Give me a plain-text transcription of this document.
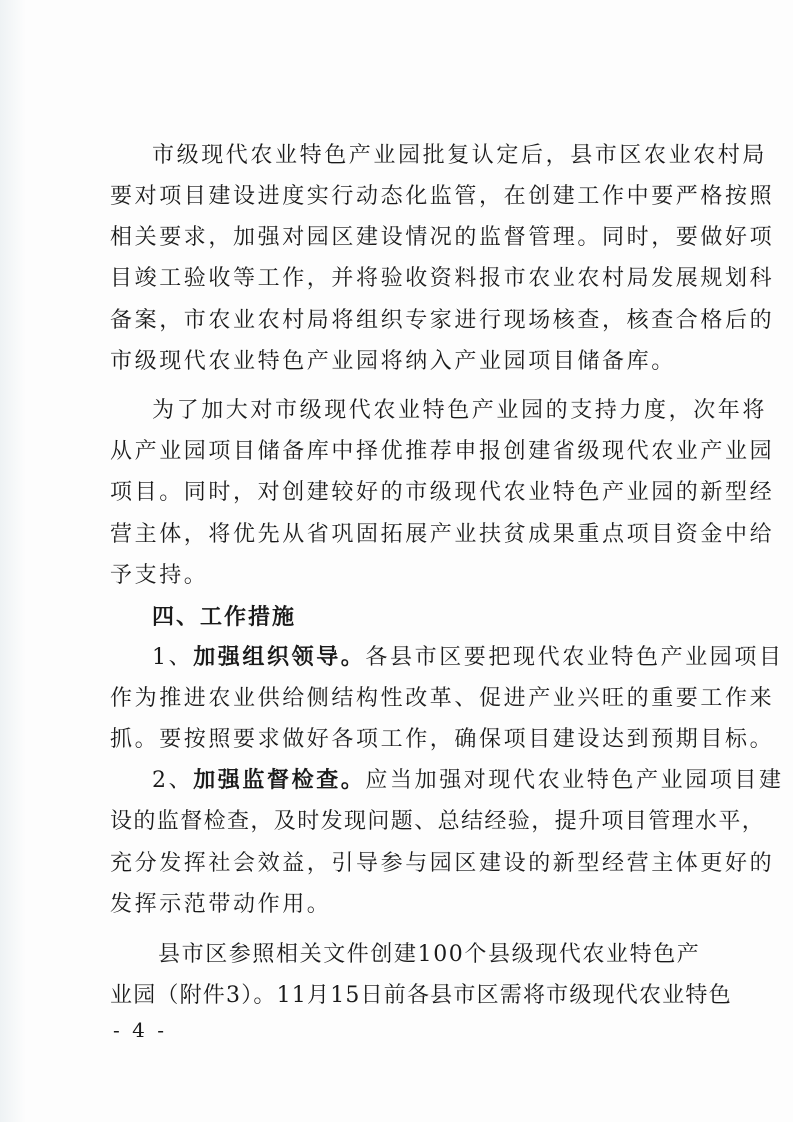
市级现代农业特色产业园批复认定后，县市区农业农村局
要对项目建设进度实行动态化监管，在创建工作中要严格按照
相关要求，加强对园区建设情况的监督管理。同时，要做好项
目竣工验收等工作，并将验收资料报市农业农村局发展规划科
备案，市农业农村局将组织专家进行现场核查，核查合格后的
市级现代农业特色产业园将纳入产业园项目储备库。
为了加大对市级现代农业特色产业园的支持力度，次年将
从产业园项目储备库中择优推荐申报创建省级现代农业产业园
项目。同时，对创建较好的市级现代农业特色产业园的新型经
营主体，将优先从省巩固拓展产业扶贫成果重点项目资金中给
予支持。
四、工作措施
1、加强组织领导。各县市区要把现代农业特色产业园项目
作为推进农业供给侧结构性改革、促进产业兴旺的重要工作来
抓。要按照要求做好各项工作，确保项目建设达到预期目标。
2、加强监督检查。应当加强对现代农业特色产业园项目建
设的监督检查，及时发现问题、总结经验，提升项目管理水平，
充分发挥社会效益，引导参与园区建设的新型经营主体更好的
发挥示范带动作用。
县市区参照相关文件创建100个县级现代农业特色产
业园（附件3）。11月15日前各县市区需将市级现代农业特色
- 4 -
